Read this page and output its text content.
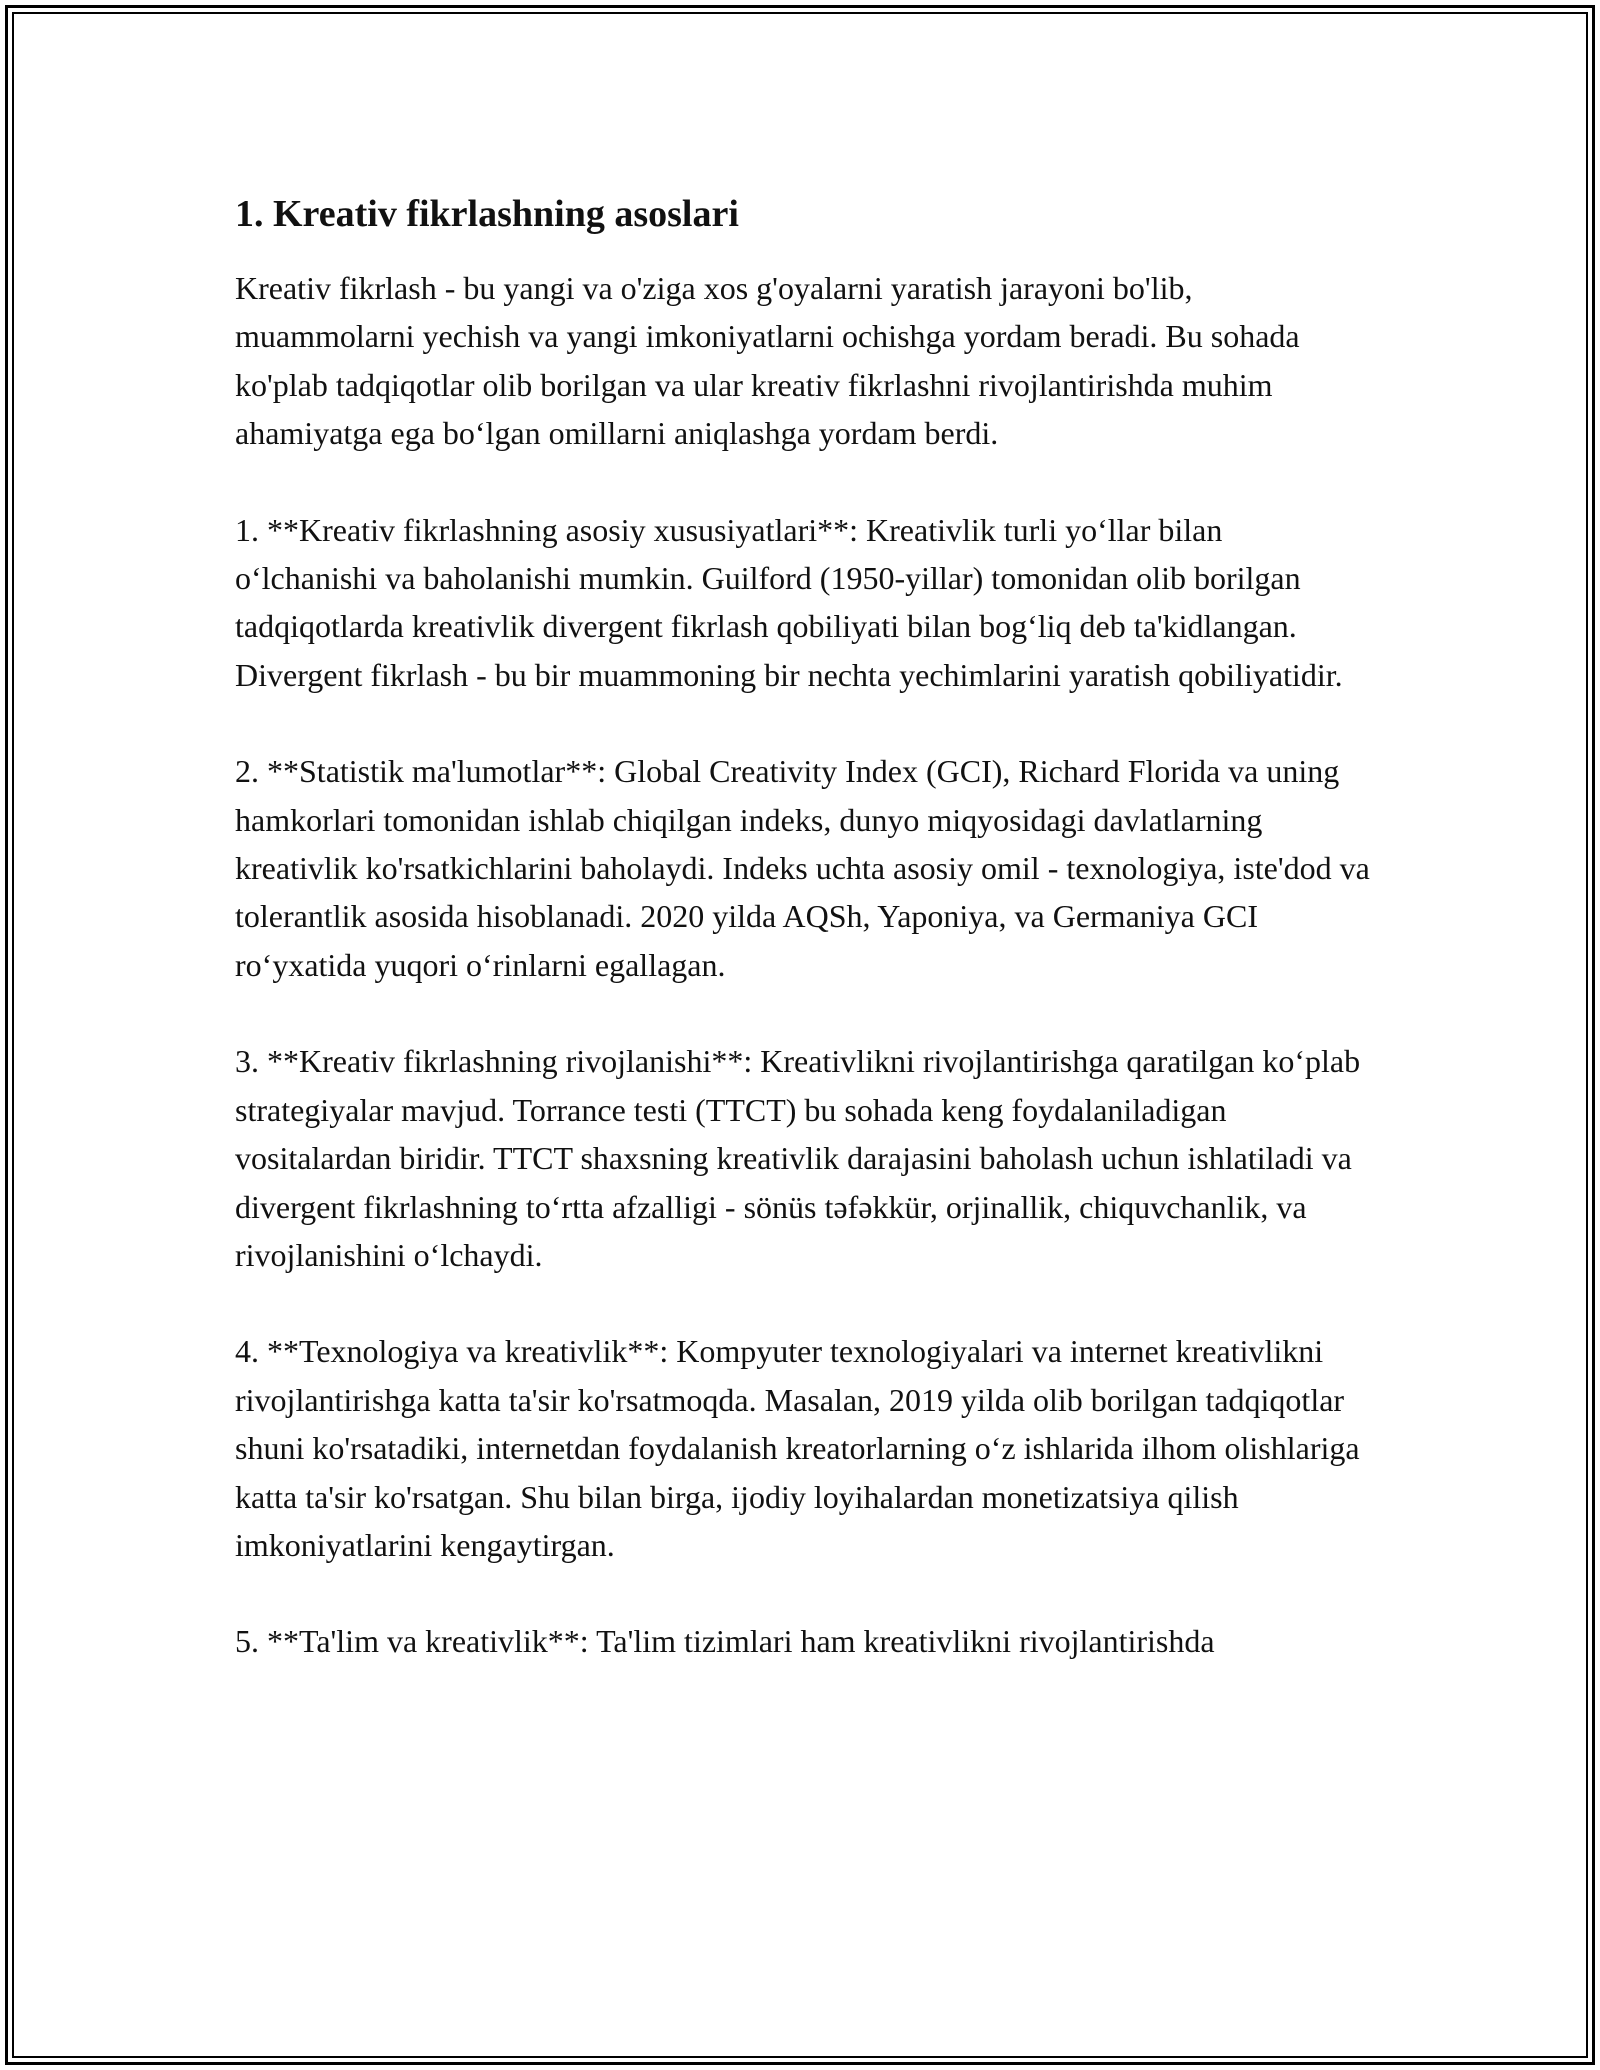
1. Kreativ fikrlashning asoslari

Kreativ fikrlash - bu yangi va o'ziga xos g'oyalarni yaratish jarayoni bo'lib, muammolarni yechish va yangi imkoniyatlarni ochishga yordam beradi. Bu sohada ko'plab tadqiqotlar olib borilgan va ular kreativ fikrlashni rivojlantirishda muhim ahamiyatga ega bo‘lgan omillarni aniqlashga yordam berdi.

1. **Kreativ fikrlashning asosiy xususiyatlari**: Kreativlik turli yo‘llar bilan o‘lchanishi va baholanishi mumkin. Guilford (1950-yillar) tomonidan olib borilgan tadqiqotlarda kreativlik divergent fikrlash qobiliyati bilan bog‘liq deb ta'kidlangan. Divergent fikrlash - bu bir muammoning bir nechta yechimlarini yaratish qobiliyatidir.

2. **Statistik ma'lumotlar**: Global Creativity Index (GCI), Richard Florida va uning hamkorlari tomonidan ishlab chiqilgan indeks, dunyo miqyosidagi davlatlarning kreativlik ko'rsatkichlarini baholaydi. Indeks uchta asosiy omil - texnologiya, iste'dod va tolerantlik asosida hisoblanadi. 2020 yilda AQSh, Yaponiya, va Germaniya GCI ro‘yxatida yuqori o‘rinlarni egallagan.

3. **Kreativ fikrlashning rivojlanishi**: Kreativlikni rivojlantirishga qaratilgan ko‘plab strategiyalar mavjud. Torrance testi (TTCT) bu sohada keng foydalaniladigan vositalardan biridir. TTCT shaxsning kreativlik darajasini baholash uchun ishlatiladi va divergent fikrlashning to‘rtta afzalligi - sönüs təfəkkür, orjinallik, chiquvchanlik, va rivojlanishini o‘lchaydi.

4. **Texnologiya va kreativlik**: Kompyuter texnologiyalari va internet kreativlikni rivojlantirishga katta ta'sir ko'rsatmoqda. Masalan, 2019 yilda olib borilgan tadqiqotlar shuni ko'rsatadiki, internetdan foydalanish kreatorlarning o‘z ishlarida ilhom olishlariga katta ta'sir ko'rsatgan. Shu bilan birga, ijodiy loyihalardan monetizatsiya qilish imkoniyatlarini kengaytirgan.

5. **Ta'lim va kreativlik**: Ta'lim tizimlari ham kreativlikni rivojlantirishda
